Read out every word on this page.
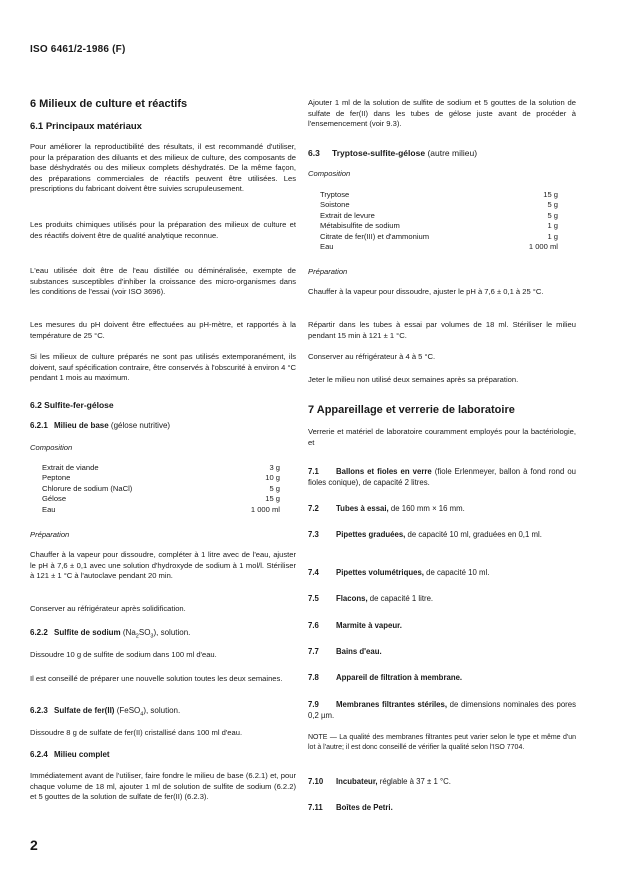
ISO 6461/2-1986 (F)

6 Milieux de culture et réactifs

6.1 Principaux matériaux

Pour améliorer la reproductibilité des résultats, il est recommandé d'utiliser, pour la préparation des diluants et des milieux de culture, des composants de base déshydratés ou des milieux complets déshydratés. De la même façon, des préparations commerciales de réactifs peuvent être utilisées. Les prescriptions du fabricant doivent être suivies scrupuleusement.

Les produits chimiques utilisés pour la préparation des milieux de culture et des réactifs doivent être de qualité analytique reconnue.

L'eau utilisée doit être de l'eau distillée ou déminéralisée, exempte de substances susceptibles d'inhiber la croissance des micro-organismes dans les conditions de l'essai (voir ISO 3696).

Les mesures du pH doivent être effectuées au pH-mètre, et rapportés à la température de 25 °C.

Si les milieux de culture préparés ne sont pas utilisés extemporanément, ils doivent, sauf spécification contraire, être conservés à l'obscurité à environ 4 °C pendant 1 mois au maximum.

6.2 Sulfite-fer-gélose

6.2.1 Milieu de base (gélose nutritive)

Composition

Extrait de viande	3 g
Peptone	10 g
Chlorure de sodium (NaCl)	5 g
Gélose	15 g
Eau	1 000 ml

Préparation

Chauffer à la vapeur pour dissoudre, compléter à 1 litre avec de l'eau, ajuster le pH à 7,6 ± 0,1 avec une solution d'hydroxyde de sodium à 1 mol/l. Stériliser à 121 ± 1 °C à l'autoclave pendant 20 min.

Conserver au réfrigérateur après solidification.

6.2.2 Sulfite de sodium $(Na_2SO_3)$, solution.

Dissoudre 10 g de sulfite de sodium dans 100 ml d'eau.

Il est conseillé de préparer une nouvelle solution toutes les deux semaines.

6.2.3 Sulfate de fer(II) (FeSO$_4$), solution.

Dissoudre 8 g de sulfate de fer(II) cristallisé dans 100 ml d'eau.

6.2.4 Milieu complet

Immédiatement avant de l'utiliser, faire fondre le milieu de base (6.2.1) et, pour chaque volume de 18 ml, ajouter 1 ml de solution de sulfite de sodium (6.2.2) et 5 gouttes de la solution de sulfate de fer(II) (6.2.3).

2

Ajouter 1 ml de la solution de sulfite de sodium et 5 gouttes de la solution de sulfate de fer(II) dans les tubes de gélose juste avant de procéder à l'ensemencement (voir 9.3).

6.3 Tryptose-sulfite-gélose (autre milieu)

Composition

Tryptose	15 g
Soistone	5 g
Extrait de levure	5 g
Métabisulfite de sodium	1 g
Citrate de fer(III) et d'ammonium	1 g
Eau	1 000 ml

Préparation

Chauffer à la vapeur pour dissoudre, ajuster le pH à 7,6 ± 0,1 à 25 °C.

Répartir dans les tubes à essai par volumes de 18 ml. Stériliser le milieu pendant 15 min à 121 ± 1 °C.

Conserver au réfrigérateur à 4 à 5 °C.

Jeter le milieu non utilisé deux semaines après sa préparation.

7 Appareillage et verrerie de laboratoire

Verrerie et matériel de laboratoire couramment employés pour la bactériologie, et

7.1 Ballons et fioles en verre (fiole Erlenmeyer, ballon à fond rond ou fioles conique), de capacité 2 litres.

7.2 Tubes à essai, de 160 mm × 16 mm.

7.3 Pipettes graduées, de capacité 10 ml, graduées en 0,1 ml.

7.4 Pipettes volumétriques, de capacité 10 ml.

7.5 Flacons, de capacité 1 litre.

7.6 Marmite à vapeur.

7.7 Bains d'eau.

7.8 Appareil de filtration à membrane.

7.9 Membranes filtrantes stériles, de dimensions nominales des pores 0,2 µm.

NOTE — La qualité des membranes filtrantes peut varier selon le type et même d'un lot à l'autre; il est donc conseillé de vérifier la qualité selon l'ISO 7704.

7.10 Incubateur, réglable à 37 ± 1 °C.

7.11 Boîtes de Petri.
